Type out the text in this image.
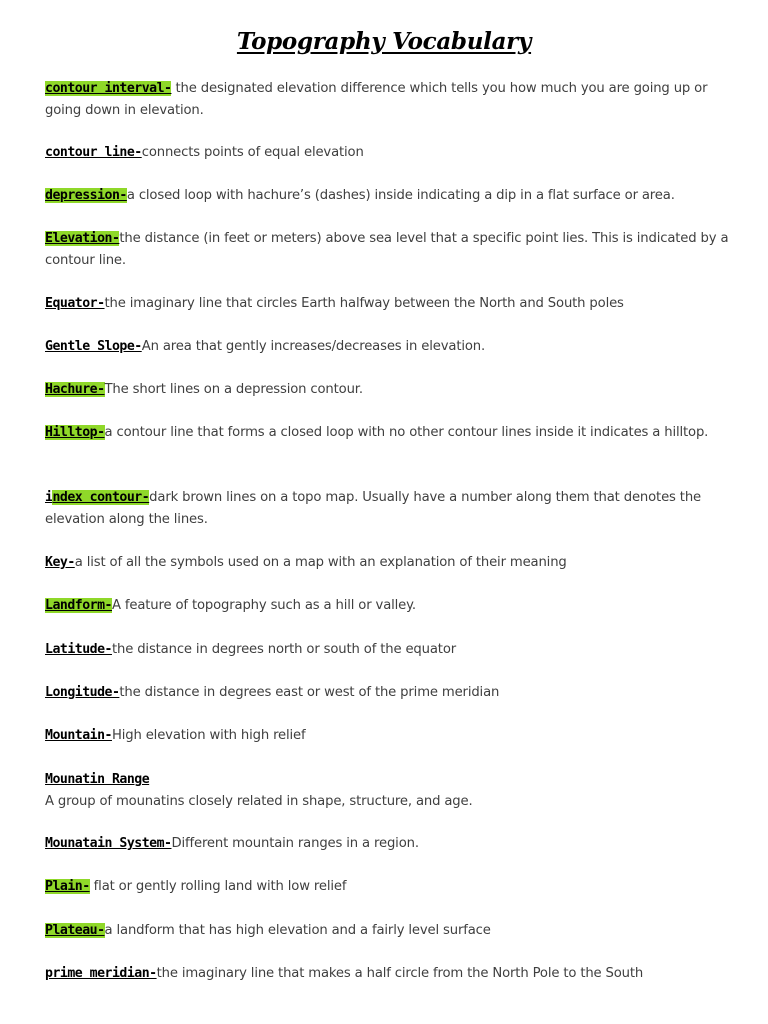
Topography Vocabulary
contour interval- the designated elevation difference which tells you how much you are going up or going down in elevation.
contour line-connects points of equal elevation
depression-a closed loop with hachure’s (dashes) inside indicating a dip in a flat surface or area.
Elevation-the distance (in feet or meters) above sea level that a specific point lies. This is indicated by a contour line.
Equator-the imaginary line that circles Earth halfway between the North and South poles
Gentle Slope-An area that gently increases/decreases in elevation.
Hachure-The short lines on a depression contour.
Hilltop-a contour line that forms a closed loop with no other contour lines inside it indicates a hilltop.
index contour-dark brown lines on a topo map. Usually have a number along them that denotes the elevation along the lines.
Key-a list of all the symbols used on a map with an explanation of their meaning
Landform-A feature of topography such as a hill or valley.
Latitude-the distance in degrees north or south of the equator
Longitude-the distance in degrees east or west of the prime meridian
Mountain-High elevation with high relief
Mounatin Range
A group of mounatins closely related in shape, structure, and age.
Mounatain System-Different mountain ranges in a region.
Plain- flat or gently rolling land with low relief
Plateau-a landform that has high elevation and a fairly level surface
prime meridian-the imaginary line that makes a half circle from the North Pole to the South
